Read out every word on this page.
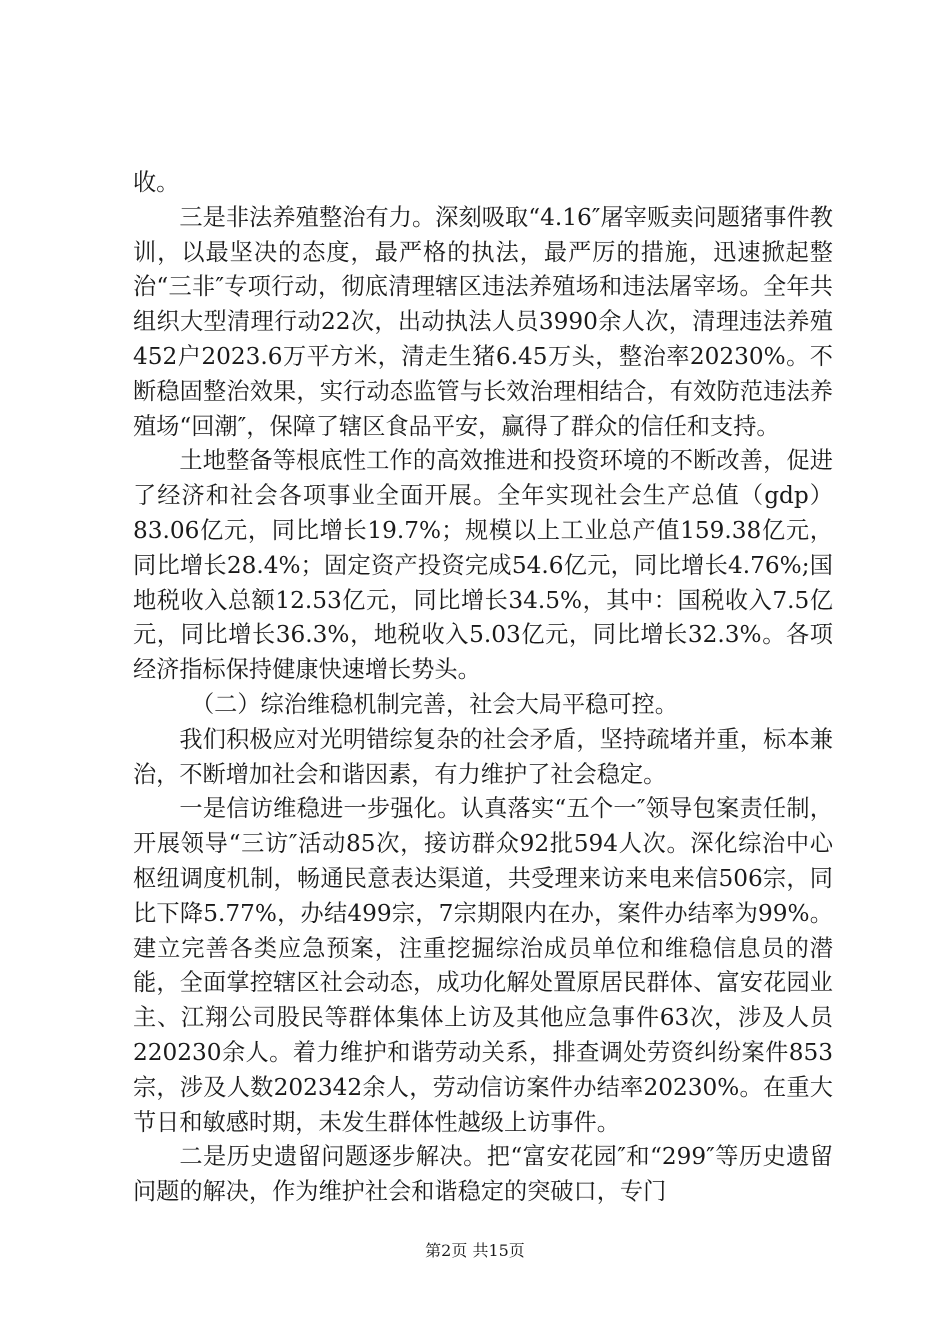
收。

三是非法养殖整治有力。深刻吸取“4.16″屠宰贩卖问题猪事件教训，以最坚决的态度，最严格的执法，最严厉的措施，迅速掀起整治“三非″专项行动，彻底清理辖区违法养殖场和违法屠宰场。全年共组织大型清理行动22次，出动执法人员3990余人次，清理违法养殖452户2023.6万平方米，清走生猪6.45万头，整治率20230%。不断稳固整治效果，实行动态监管与长效治理相结合，有效防范违法养殖场“回潮″，保障了辖区食品平安，赢得了群众的信任和支持。

土地整备等根底性工作的高效推进和投资环境的不断改善，促进了经济和社会各项事业全面开展。全年实现社会生产总值（gdp）83.06亿元，同比增长19.7%；规模以上工业总产值159.38亿元，同比增长28.4%；固定资产投资完成54.6亿元，同比增长4.76%;国地税收入总额12.53亿元，同比增长34.5%，其中：国税收入7.5亿元，同比增长36.3%，地税收入5.03亿元，同比增长32.3%。各项经济指标保持健康快速增长势头。

（二）综治维稳机制完善，社会大局平稳可控。

我们积极应对光明错综复杂的社会矛盾，坚持疏堵并重，标本兼治，不断增加社会和谐因素，有力维护了社会稳定。

一是信访维稳进一步强化。认真落实“五个一″领导包案责任制，开展领导“三访″活动85次，接访群众92批594人次。深化综治中心枢纽调度机制，畅通民意表达渠道，共受理来访来电来信506宗，同比下降5.77%，办结499宗，7宗期限内在办，案件办结率为99%。建立完善各类应急预案，注重挖掘综治成员单位和维稳信息员的潜能，全面掌控辖区社会动态，成功化解处置原居民群体、富安花园业主、江翔公司股民等群体集体上访及其他应急事件63次，涉及人员220230余人。着力维护和谐劳动关系，排查调处劳资纠纷案件853宗，涉及人数202342余人，劳动信访案件办结率20230%。在重大节日和敏感时期，未发生群体性越级上访事件。

二是历史遗留问题逐步解决。把“富安花园″和“299″等历史遗留问题的解决，作为维护社会和谐稳定的突破口，专门

第2页 共15页
